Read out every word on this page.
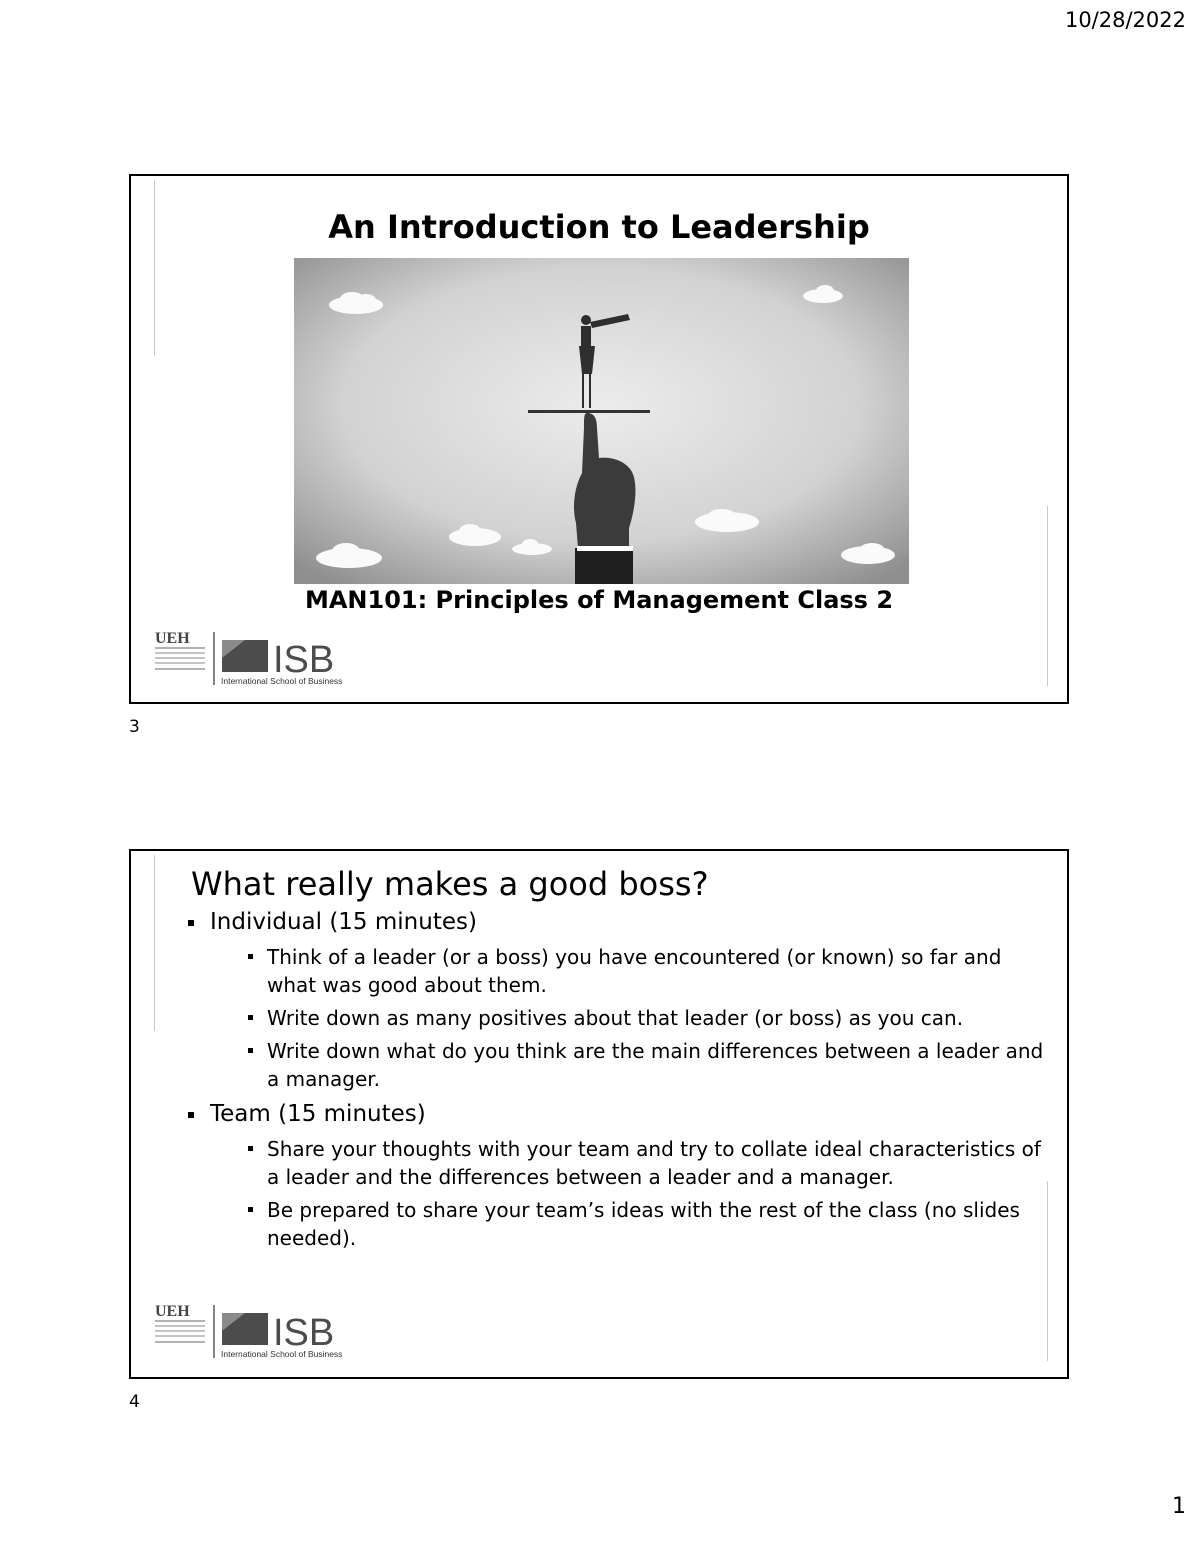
10/28/2022
An Introduction to Leadership
MAN101: Principles of Management Class 2
UEH
ISB
International School of Business
3
What really makes a good boss?
Individual (15 minutes)
Think of a leader (or a boss) you have encountered (or known) so far and what was good about them.
Write down as many positives about that leader (or boss) as you can.
Write down what do you think are the main differences between a leader and a manager.
Team (15 minutes)
Share your thoughts with your team and try to collate ideal characteristics of a leader and the differences between a leader and a manager.
Be prepared to share your team’s ideas with the rest of the class (no slides needed).
UEH
ISB
International School of Business
4
1
